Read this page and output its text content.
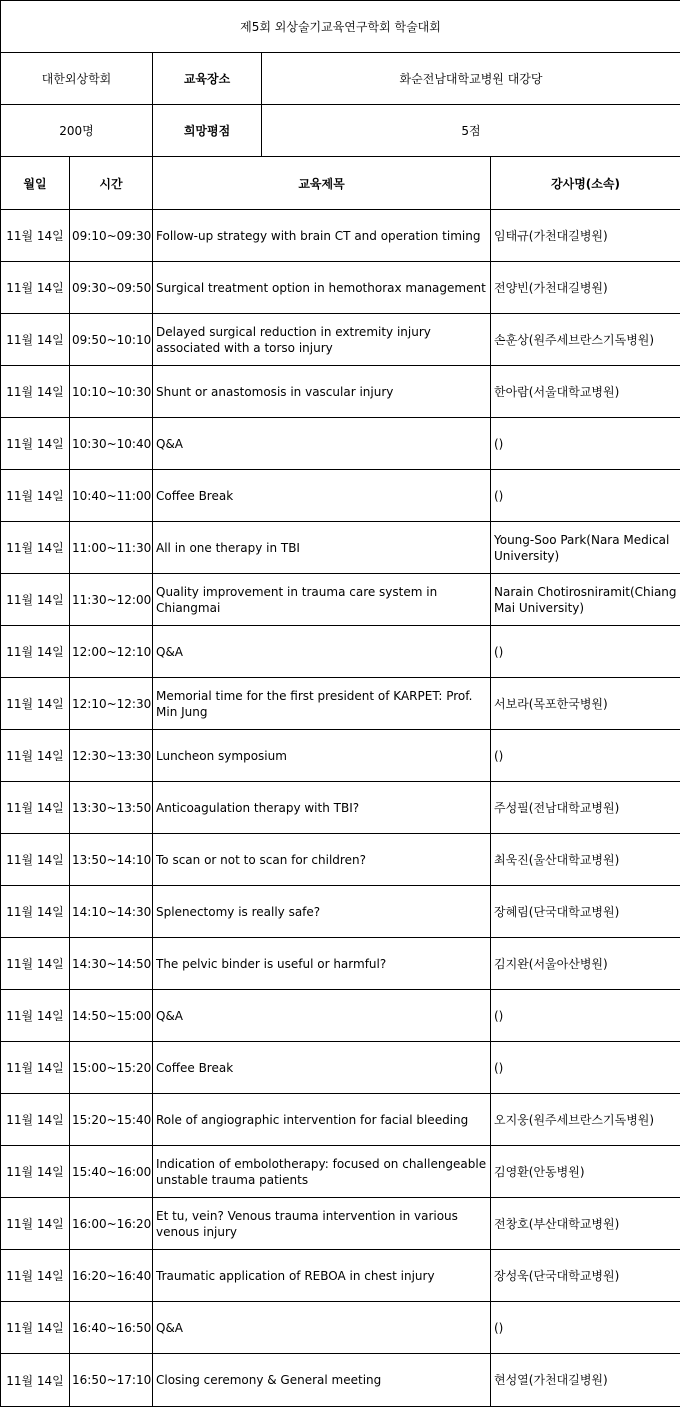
제5회 외상술기교육연구학회 학술대회				
대한외상학회		교육장소	화순전남대학교병원 대강당	
200명		희망평점	5점	
월일	시간	교육제목		강사명(소속)
11월 14일	09:10~09:30	Follow-up strategy with brain CT and operation timing		임태규(가천대길병원)
11월 14일	09:30~09:50	Surgical treatment option in hemothorax management		전양빈(가천대길병원)
11월 14일	09:50~10:10	Delayed surgical reduction in extremity injury associated with a torso injury		손훈상(원주세브란스기독병원)
11월 14일	10:10~10:30	Shunt or anastomosis in vascular injury		한아람(서울대학교병원)
11월 14일	10:30~10:40	Q&A		()
11월 14일	10:40~11:00	Coffee Break		()
11월 14일	11:00~11:30	All in one therapy in TBI		Young-Soo Park(Nara Medical University)
11월 14일	11:30~12:00	Quality improvement in trauma care system in Chiangmai		Narain Chotirosniramit(Chiang Mai University)
11월 14일	12:00~12:10	Q&A		()
11월 14일	12:10~12:30	Memorial time for the first president of KARPET: Prof. Min Jung		서보라(목포한국병원)
11월 14일	12:30~13:30	Luncheon symposium		()
11월 14일	13:30~13:50	Anticoagulation therapy with TBI?		주성필(전남대학교병원)
11월 14일	13:50~14:10	To scan or not to scan for children?		최욱진(울산대학교병원)
11월 14일	14:10~14:30	Splenectomy is really safe?		장혜림(단국대학교병원)
11월 14일	14:30~14:50	The pelvic binder is useful or harmful?		김지완(서울아산병원)
11월 14일	14:50~15:00	Q&A		()
11월 14일	15:00~15:20	Coffee Break		()
11월 14일	15:20~15:40	Role of angiographic intervention for facial bleeding		오지웅(원주세브란스기독병원)
11월 14일	15:40~16:00	Indication of embolotherapy: focused on challengeable unstable trauma patients		김영환(안동병원)
11월 14일	16:00~16:20	Et tu, vein? Venous trauma intervention in various venous injury		전창호(부산대학교병원)
11월 14일	16:20~16:40	Traumatic application of REBOA in chest injury		장성욱(단국대학교병원)
11월 14일	16:40~16:50	Q&A		()
11월 14일	16:50~17:10	Closing ceremony & General meeting		현성열(가천대길병원)
